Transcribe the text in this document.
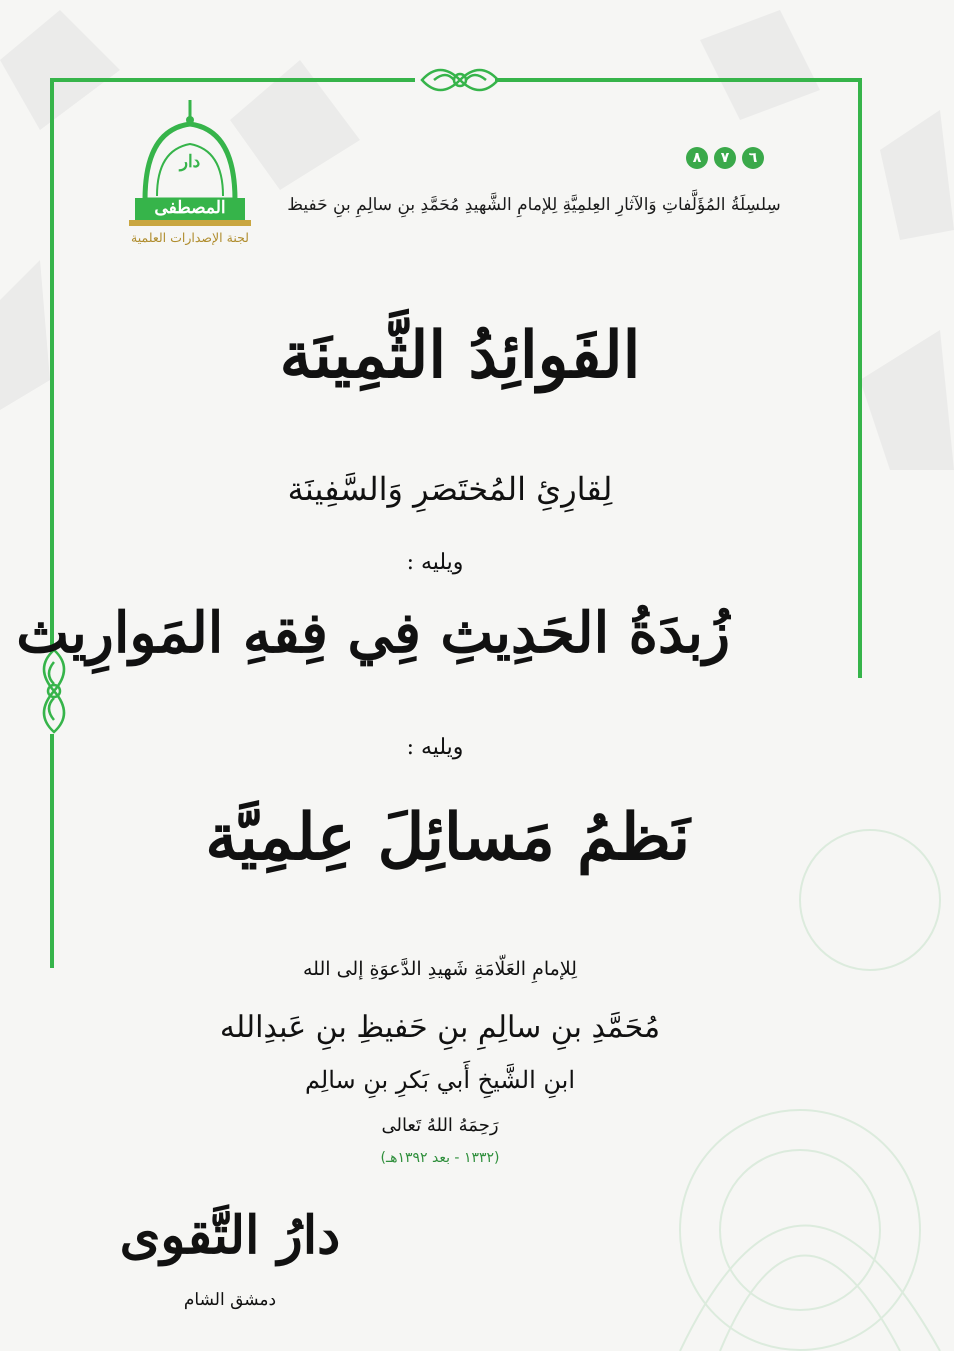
دار
المصطفى
لجنة الإصدارات العلمية
٨	٧	٦
سِلسِلَةُ المُؤَلَّفاتِ وَالآثارِ العِلمِيَّةِ لِلإمامِ الشَّهيدِ مُحَمَّدِ بنِ سالِمِ بنِ حَفيظ
الفَوائِدُ الثَّمِينَة
لِقارِئِ المُختَصَرِ وَالسَّفِينَة
ويليه :
زُبدَةُ الحَدِيثِ فِي فِقهِ المَوارِيث
ويليه :
نَظمُ مَسائِلَ عِلمِيَّة
لِلإمامِ العَلّامَةِ شَهيدِ الدَّعوَةِ إلى الله
مُحَمَّدِ بنِ سالِمِ بنِ حَفيظِ بنِ عَبدِالله
ابنِ الشَّيخِ أَبي بَكرِ بنِ سالِم
رَحِمَهُ اللهُ تَعالى
(١٣٣٢ - بعد ١٣٩٢هـ)
دارُ التَّقوى
دمشق الشام
